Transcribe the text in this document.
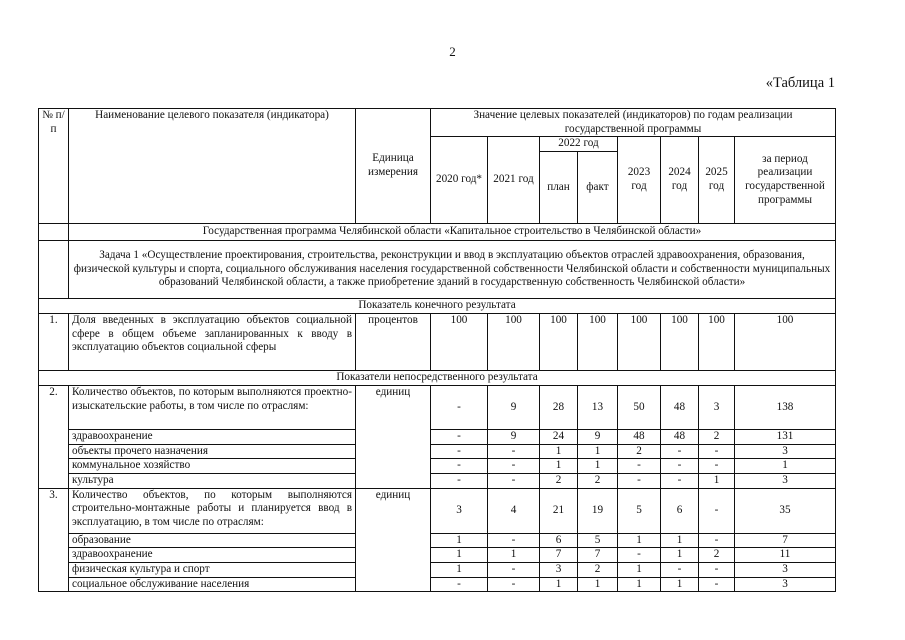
2
«Таблица 1
№ п/п	Наименование целевого показателя (индикатора)	Единица измерения	Значение целевых показателей (индикаторов) по годам реализации государственной программы							
			2020 год*	2021 год	2022 год		2023 год	2024 год	2025 год	за период реализации государственной программы
					план	факт				
	Государственная программа Челябинской области «Капитальное строительство в Челябинской области»									
	Задача 1 «Осуществление проектирования, строительства, реконструкции и ввод в эксплуатацию объектов отраслей здравоохранения, образования, физической культуры и спорта, социального обслуживания населения государственной собственности Челябинской области и собственности муниципальных образований Челябинской области, а также приобретение зданий в государственную собственность Челябинской области»									
Показатель конечного результата										
1.	Доля введенных в эксплуатацию объектов социальной сфере в общем объеме запланированных к вводу в эксплуатацию объектов социальной сферы	процентов	100	100	100	100	100	100	100	100
Показатели непосредственного результата										
2.	Количество объектов, по которым выполняются проектно-изыскательские работы, в том числе по отраслям:	единиц	-	9	28	13	50	48	3	138
	здравоохранение		-	9	24	9	48	48	2	131
	объекты прочего назначения		-	-	1	1	2	-	-	3
	коммунальное хозяйство		-	-	1	1	-	-	-	1
	культура		-	-	2	2	-	-	1	3
3.	Количество объектов, по которым выполняются строительно-монтажные работы и планируется ввод в эксплуатацию, в том числе по отраслям:	единиц	3	4	21	19	5	6	-	35
	образование		1	-	6	5	1	1	-	7
	здравоохранение		1	1	7	7	-	1	2	11
	физическая культура и спорт		1	-	3	2	1	-	-	3
	социальное обслуживание населения		-	-	1	1	1	1	-	3
